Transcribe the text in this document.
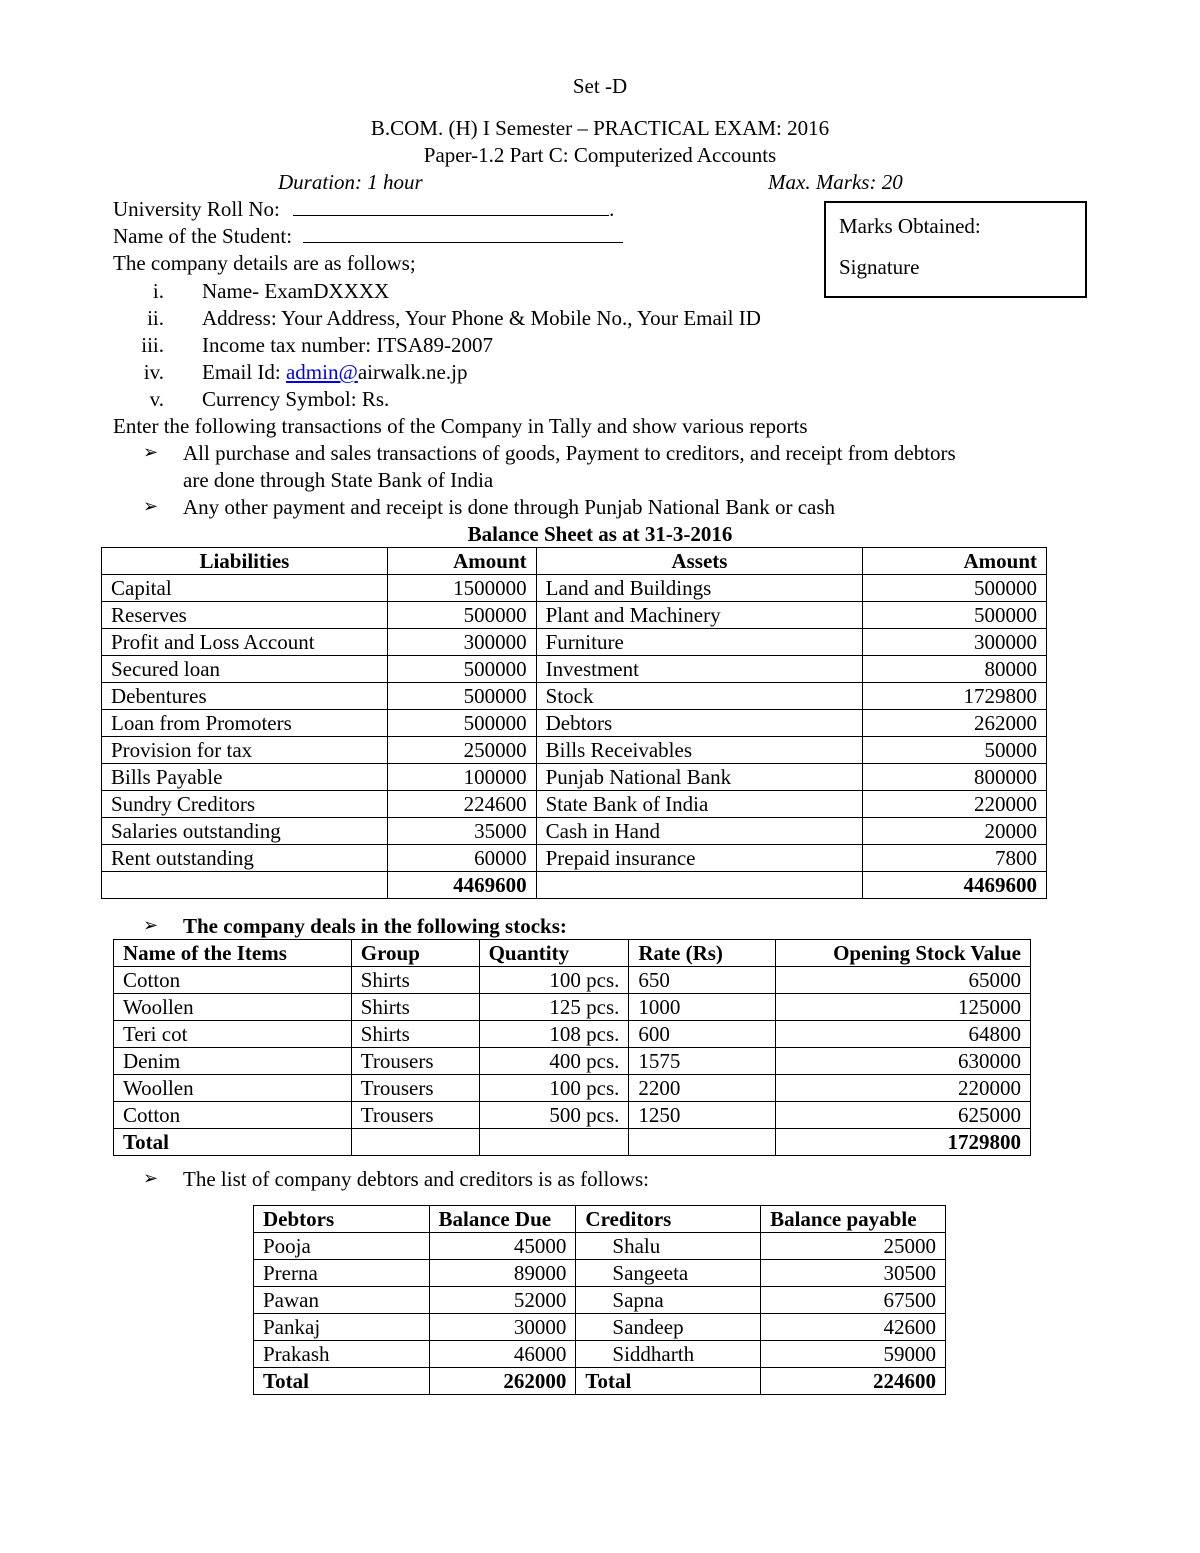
Set -D
B.COM. (H) I Semester – PRACTICAL EXAM: 2016
Paper-1.2 Part C: Computerized Accounts
Duration: 1 hour	Max. Marks: 20
University Roll No:	.
Name of the Student:	Marks Obtained:
Signature
The company details are as follows;
i. Name- ExamDXXXX
ii. Address: Your Address, Your Phone & Mobile No., Your Email ID
iii. Income tax number: ITSA89-2007
iv. Email Id: admin@airwalk.ne.jp
v. Currency Symbol: Rs.
Enter the following transactions of the Company in Tally and show various reports
➢ All purchase and sales transactions of goods, Payment to creditors, and receipt from debtors
are done through State Bank of India
➢ Any other payment and receipt is done through Punjab National Bank or cash
Balance Sheet as at 31-3-2016
Liabilities	Amount	Assets	Amount
Capital	1500000	Land and Buildings	500000
Reserves	500000	Plant and Machinery	500000
Profit and Loss Account	300000	Furniture	300000
Secured loan	500000	Investment	80000
Debentures	500000	Stock	1729800
Loan from Promoters	500000	Debtors	262000
Provision for tax	250000	Bills Receivables	50000
Bills Payable	100000	Punjab National Bank	800000
Sundry Creditors	224600	State Bank of India	220000
Salaries outstanding	35000	Cash in Hand	20000
Rent outstanding	60000	Prepaid insurance	7800
	4469600		4469600
➢ The company deals in the following stocks:
Name of the Items	Group	Quantity	Rate (Rs)	Opening Stock Value
Cotton	Shirts	100 pcs.	650	65000
Woollen	Shirts	125 pcs.	1000	125000
Teri cot	Shirts	108 pcs.	600	64800
Denim	Trousers	400 pcs.	1575	630000
Woollen	Trousers	100 pcs.	2200	220000
Cotton	Trousers	500 pcs.	1250	625000
Total				1729800
➢ The list of company debtors and creditors is as follows:
Debtors	Balance Due	Creditors	Balance payable
Pooja	45000	Shalu	25000
Prerna	89000	Sangeeta	30500
Pawan	52000	Sapna	67500
Pankaj	30000	Sandeep	42600
Prakash	46000	Siddharth	59000
Total	262000	Total	224600
